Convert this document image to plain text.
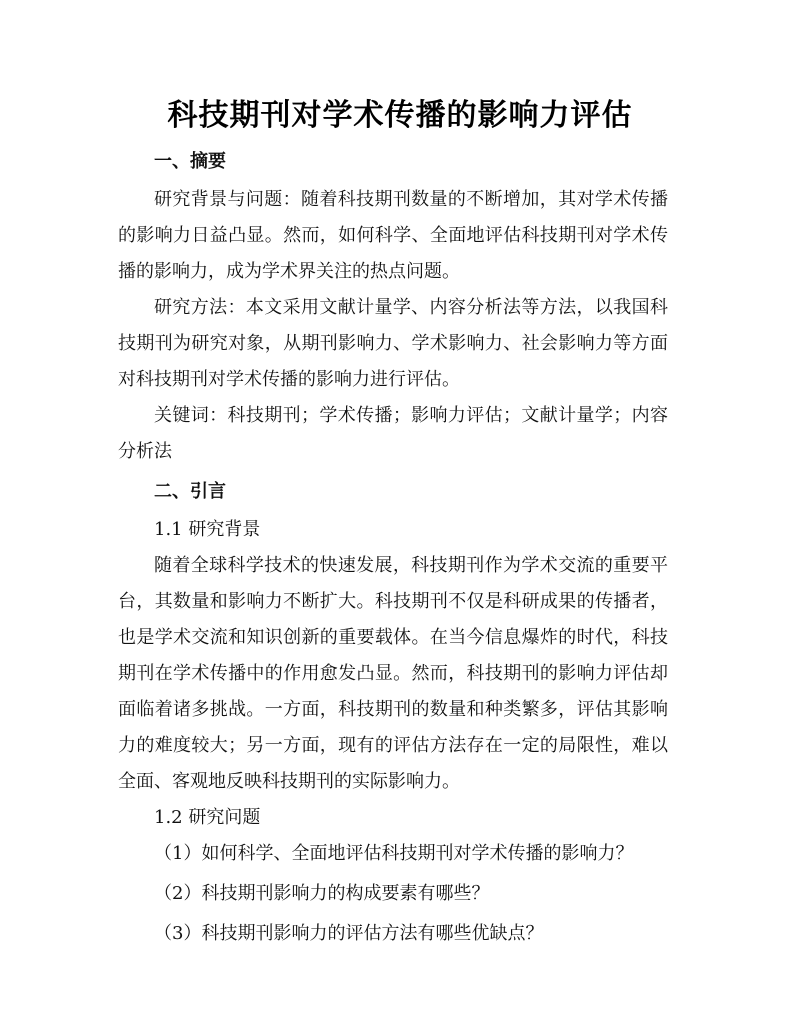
科技期刊对学术传播的影响力评估
一、摘要

研究背景与问题：随着科技期刊数量的不断增加，其对学术传播的影响力日益凸显。然而，如何科学、全面地评估科技期刊对学术传播的影响力，成为学术界关注的热点问题。

研究方法：本文采用文献计量学、内容分析法等方法，以我国科技期刊为研究对象，从期刊影响力、学术影响力、社会影响力等方面对科技期刊对学术传播的影响力进行评估。

关键词：科技期刊；学术传播；影响力评估；文献计量学；内容分析法

二、引言

1.1 研究背景

随着全球科学技术的快速发展，科技期刊作为学术交流的重要平台，其数量和影响力不断扩大。科技期刊不仅是科研成果的传播者，也是学术交流和知识创新的重要载体。在当今信息爆炸的时代，科技期刊在学术传播中的作用愈发凸显。然而，科技期刊的影响力评估却面临着诸多挑战。一方面，科技期刊的数量和种类繁多，评估其影响力的难度较大；另一方面，现有的评估方法存在一定的局限性，难以全面、客观地反映科技期刊的实际影响力。

1.2 研究问题

（1）如何科学、全面地评估科技期刊对学术传播的影响力？

（2）科技期刊影响力的构成要素有哪些？

（3）科技期刊影响力的评估方法有哪些优缺点？
